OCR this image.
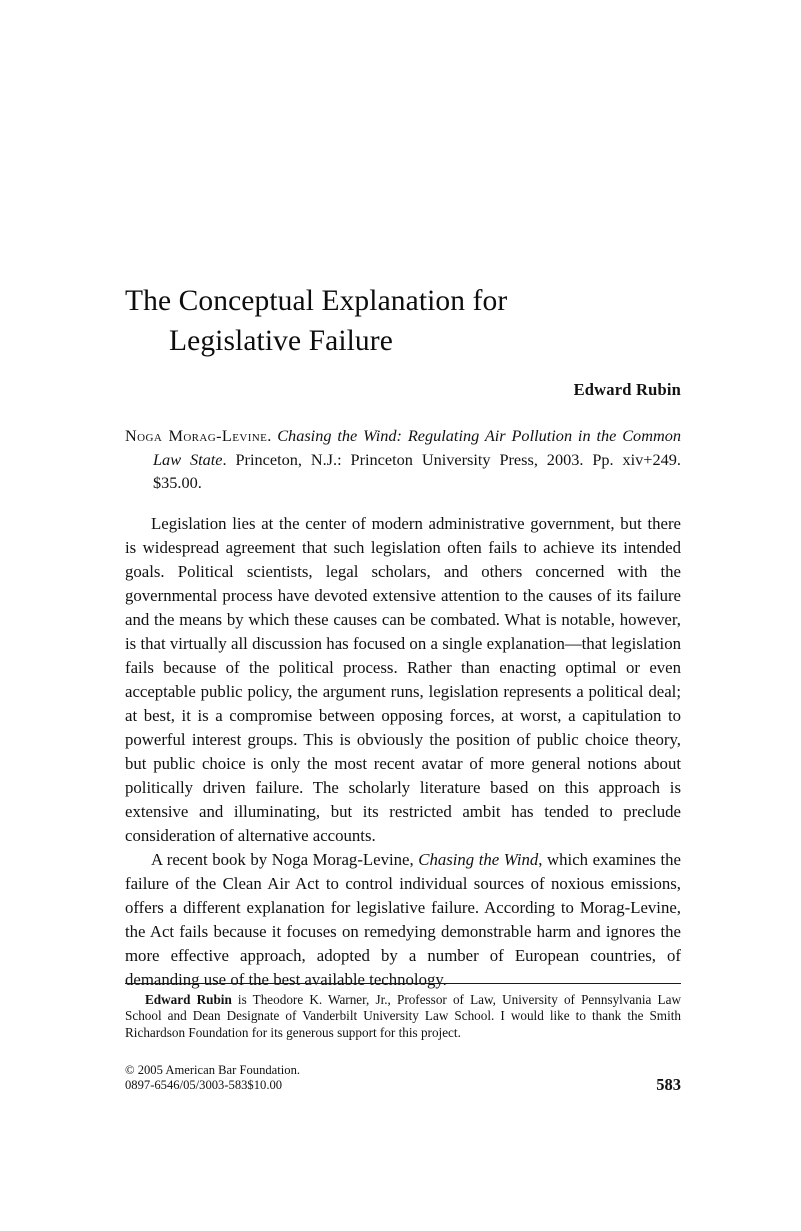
The Conceptual Explanation for
Legislative Failure
Edward Rubin
Noga Morag-Levine. Chasing the Wind: Regulating Air Pollution in the Common Law State. Princeton, N.J.: Princeton University Press, 2003. Pp. xiv+249. $35.00.

Legislation lies at the center of modern administrative government, but there is widespread agreement that such legislation often fails to achieve its intended goals. Political scientists, legal scholars, and others concerned with the governmental process have devoted extensive attention to the causes of its failure and the means by which these causes can be combated. What is notable, however, is that virtually all discussion has focused on a single explanation—that legislation fails because of the political process. Rather than enacting optimal or even acceptable public policy, the argument runs, legislation represents a political deal; at best, it is a compromise between opposing forces, at worst, a capitulation to powerful interest groups. This is obviously the position of public choice theory, but public choice is only the most recent avatar of more general notions about politically driven failure. The scholarly literature based on this approach is extensive and illuminating, but its restricted ambit has tended to preclude consideration of alternative accounts.

A recent book by Noga Morag-Levine, Chasing the Wind, which examines the failure of the Clean Air Act to control individual sources of noxious emissions, offers a different explanation for legislative failure. According to Morag-Levine, the Act fails because it focuses on remedying demonstrable harm and ignores the more effective approach, adopted by a number of European countries, of demanding use of the best available technology.

Edward Rubin is Theodore K. Warner, Jr., Professor of Law, University of Pennsylvania Law School and Dean Designate of Vanderbilt University Law School. I would like to thank the Smith Richardson Foundation for its generous support for this project.

© 2005 American Bar Foundation.
0897-6546/05/3003-583$10.00	583
